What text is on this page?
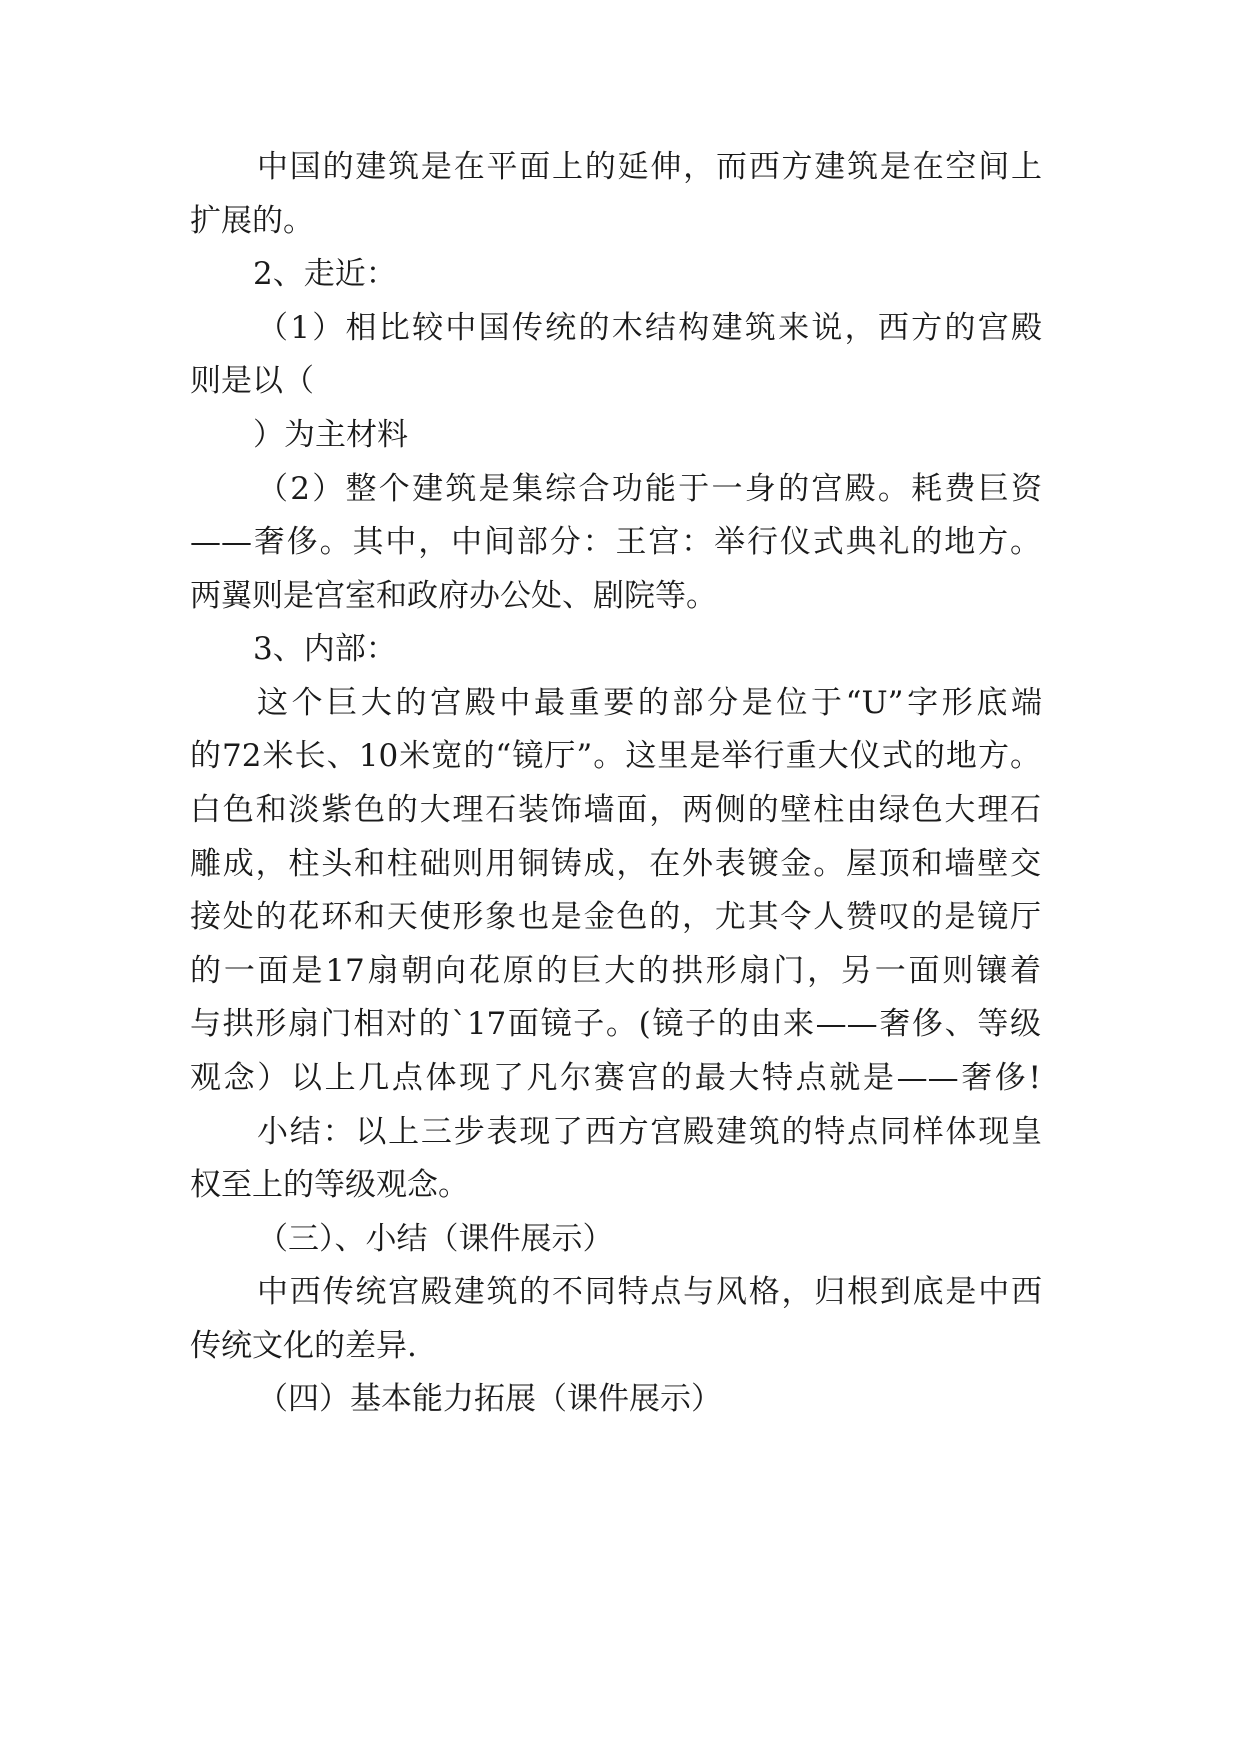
中国的建筑是在平面上的延伸，而西方建筑是在空间上
扩展的。
2、走近：
（1）相比较中国传统的木结构建筑来说，西方的宫殿
则是以（
）为主材料
（2）整个建筑是集综合功能于一身的宫殿。耗费巨资
——奢侈。其中，中间部分：王宫：举行仪式典礼的地方。
两翼则是宫室和政府办公处、剧院等。
3、内部：
这个巨大的宫殿中最重要的部分是位于“U”字形底端
的72米长、10米宽的“镜厅”。这里是举行重大仪式的地方。
白色和淡紫色的大理石装饰墙面，两侧的壁柱由绿色大理石
雕成，柱头和柱础则用铜铸成，在外表镀金。屋顶和墙壁交
接处的花环和天使形象也是金色的，尤其令人赞叹的是镜厅
的一面是17扇朝向花原的巨大的拱形扇门，另一面则镶着
与拱形扇门相对的`17面镜子。(镜子的由来——奢侈、等级
观念）以上几点体现了凡尔赛宫的最大特点就是——奢侈!
小结：以上三步表现了西方宫殿建筑的特点同样体现皇
权至上的等级观念。
（三）、小结（课件展示）
中西传统宫殿建筑的不同特点与风格，归根到底是中西
传统文化的差异.
（四）基本能力拓展（课件展示）
